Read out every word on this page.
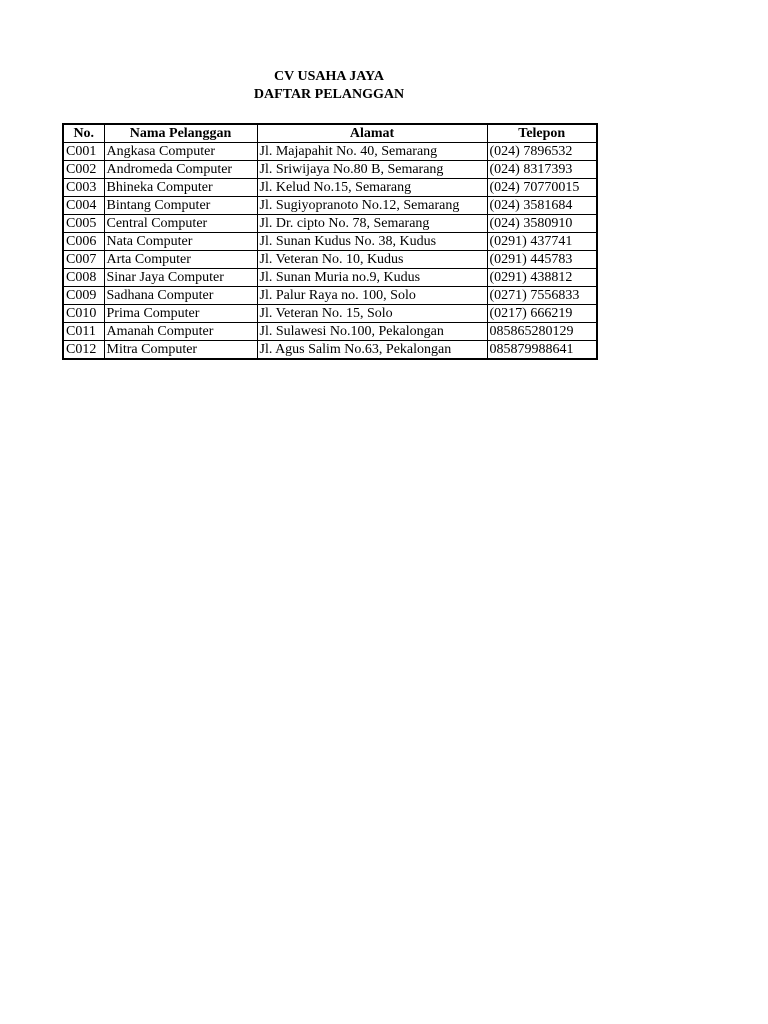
CV USAHA JAYA
DAFTAR PELANGGAN
No.	Nama Pelanggan	Alamat	Telepon
C001	Angkasa Computer	Jl. Majapahit No. 40, Semarang	(024) 7896532
C002	Andromeda Computer	Jl. Sriwijaya No.80 B, Semarang	(024) 8317393
C003	Bhineka Computer	Jl. Kelud No.15, Semarang	(024) 70770015
C004	Bintang Computer	Jl. Sugiyopranoto No.12, Semarang	(024) 3581684
C005	Central Computer	Jl. Dr. cipto No. 78, Semarang	(024) 3580910
C006	Nata Computer	Jl. Sunan Kudus No. 38, Kudus	(0291) 437741
C007	Arta Computer	Jl. Veteran No. 10, Kudus	(0291) 445783
C008	Sinar Jaya Computer	Jl. Sunan Muria no.9, Kudus	(0291) 438812
C009	Sadhana Computer	Jl. Palur Raya no. 100, Solo	(0271) 7556833
C010	Prima Computer	Jl. Veteran No. 15, Solo	(0217) 666219
C011	Amanah Computer	Jl. Sulawesi No.100, Pekalongan	085865280129
C012	Mitra Computer	Jl. Agus Salim No.63, Pekalongan	085879988641
